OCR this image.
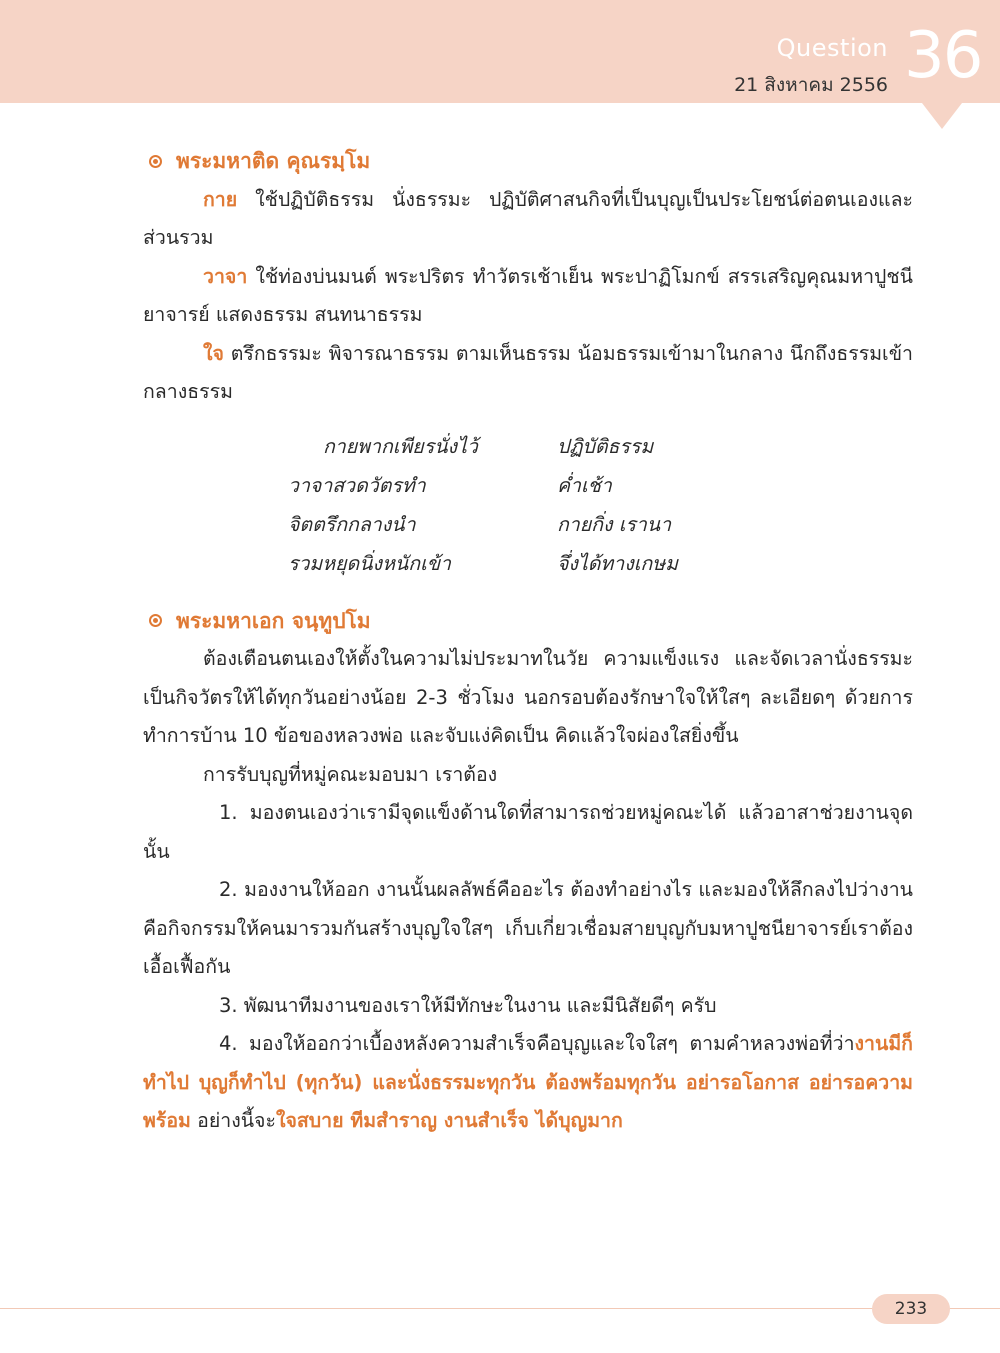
Question
21 สิงหาคม 2556 36
พระมหาติด คุณรมฺโม

กาย ใช้ปฏิบัติธรรม นั่งธรรมะ ปฏิบัติศาสนกิจที่เป็นบุญเป็นประโยชน์ต่อตนเองและส่วนรวม

วาจา ใช้ท่องบ่นมนต์ พระปริตร ทำวัตรเช้าเย็น พระปาฏิโมกข์ สรรเสริญคุณมหาปูชนียาจารย์ แสดงธรรม สนทนาธรรม

ใจ ตรึกธรรมะ พิจารณาธรรม ตามเห็นธรรม น้อมธรรมเข้ามาในกลาง นึกถึงธรรมเข้ากลางธรรม

กายพากเพียรนั่งไว้	ปฏิบัติธรรม
วาจาสวดวัตรทำ	ค่ำเช้า
จิตตรึกกลางนำ	กายกิ่ง เรานา
รวมหยุดนิ่งหนักเข้า	จึ่งได้ทางเกษม
พระมหาเอก จนฺทูปโม

ต้องเตือนตนเองให้ตั้งในความไม่ประมาทในวัย ความแข็งแรง และจัดเวลานั่งธรรมะเป็นกิจวัตรให้ได้ทุกวันอย่างน้อย 2-3 ชั่วโมง นอกรอบต้องรักษาใจให้ใสๆ ละเอียดๆ ด้วยการทำการบ้าน 10 ข้อของหลวงพ่อ และจับแง่คิดเป็น คิดแล้วใจผ่องใสยิ่งขึ้น

การรับบุญที่หมู่คณะมอบมา เราต้อง

1. มองตนเองว่าเรามีจุดแข็งด้านใดที่สามารถช่วยหมู่คณะได้ แล้วอาสาช่วยงานจุดนั้น

2. มองงานให้ออก งานนั้นผลลัพธ์คืออะไร ต้องทำอย่างไร และมองให้ลึกลงไปว่างานคือกิจกรรมให้คนมารวมกันสร้างบุญใจใสๆ เก็บเกี่ยวเชื่อมสายบุญกับมหาปูชนียาจารย์เราต้องเอื้อเฟื้อกัน

3. พัฒนาทีมงานของเราให้มีทักษะในงาน และมีนิสัยดีๆ ครับ

4. มองให้ออกว่าเบื้องหลังความสำเร็จคือบุญและใจใสๆ ตามคำหลวงพ่อที่ว่างานมีก็ทำไป บุญก็ทำไป (ทุกวัน) และนั่งธรรมะทุกวัน ต้องพร้อมทุกวัน อย่ารอโอกาส อย่ารอความพร้อม อย่างนี้จะใจสบาย ทีมสำราญ งานสำเร็จ ได้บุญมาก

233
